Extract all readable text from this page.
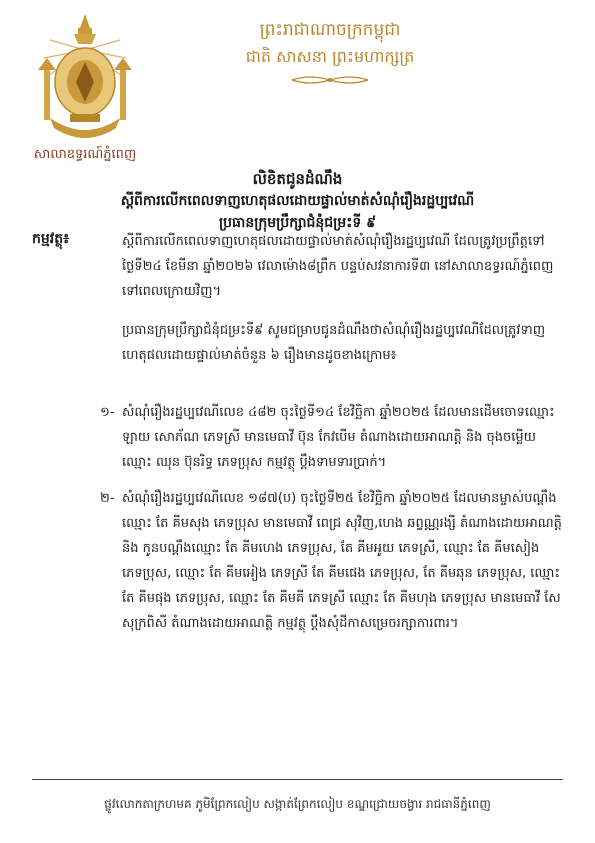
សាលាឧទ្ធរណ៍ភ្នំពេញ
ព្រះរាជាណាចក្រកម្ពុជា
ជាតិ សាសនា ព្រះមហាក្សត្រ
លិខិតជូនដំណឹង
ស្ដីពីការលើកពេលទាញហេតុផលដោយផ្ទាល់មាត់សំណុំរឿងរដ្ឋប្បវេណី
ប្រធានក្រុមប្រឹក្សាជំនុំជម្រះទី ៩
កម្មវត្ថុ៖	ស្ដីពីការលើកពេលទាញហេតុផលដោយផ្ទាល់មាត់សំណុំរឿងរដ្ឋប្បវេណី ដែលត្រូវប្រព្រឹត្តទៅ ថ្ងៃទី២៤ ខែមីនា ឆ្នាំ២០២៦ វេលាម៉ោង៨ព្រឹក បន្ទប់សវនាការទី៣ នៅសាលាឧទ្ធរណ៍ភ្នំពេញ ទៅពេលក្រោយវិញ។
ប្រធានក្រុមប្រឹក្សាជំនុំជម្រះទី៩ សូមជម្រាបជូនដំណឹងថាសំណុំរឿងរដ្ឋប្បវេណីដែលត្រូវទាញហេតុផលដោយផ្ទាល់មាត់ចំនួន ៦ រឿងមានដូចខាងក្រោម៖
១- សំណុំរឿងរដ្ឋប្បវេណីលេខ ៤៨២ ចុះថ្ងៃទី១៤ ខែវិច្ឆិកា ឆ្នាំ២០២៥ ដែលមានដើមចោទឈ្មោះ ឡាយ សោភ័ណ ភេទស្រី មានមេធាវី ប៊ុន កែវបើម តំណាងដោយអាណត្តិ និង ចុងចម្លើយ ឈ្មោះ ឈុន ប៊ុនរិទ្ធ ភេទប្រុស កម្មវត្ថុ ប្ដឹងទាមទារប្រាក់។
២- សំណុំរឿងរដ្ឋប្បវេណីលេខ ១៨៧(ប) ចុះថ្ងៃទី២៥ ខែវិច្ឆិកា ឆ្នាំ២០២៥ ដែលមានម្ចាស់បណ្ដឹង ឈ្មោះ តែ គីមសុង ភេទប្រុស មានមេធាវី ពេជ្រ សុវិញ,ហេង ឆព្វណ្ណរង្សី តំណាងដោយអាណត្តិ និង កូនបណ្ដឹងឈ្មោះ តែ គីមហេង ភេទប្រុស, តែ គីមអូយ ភេទស្រី, ឈ្មោះ តែ គីមសៀង ភេទប្រុស, ឈ្មោះ តែ គីមអៀង ភេទស្រី តែ គីមផេង ភេទប្រុស, តែ គីមឆុន ភេទប្រុស, ឈ្មោះ តែ គីមផុង ភេទប្រុស, ឈ្មោះ តែ គីមគី ភេទស្រី ឈ្មោះ តែ គីមហុង ភេទប្រុស មានមេធាវី សែ សុក្រពិសី តំណាងដោយអាណត្តិ កម្មវត្ថុ ប្ដឹងសុំដីកាសម្រេចរក្សាការពារ។
ផ្លូវលោកតាក្រហមគ ភូមិព្រែកលៀប សង្កាត់ព្រែកលៀប ខណ្ឌជ្រោយចង្វារ រាជធានីភ្នំពេញ
